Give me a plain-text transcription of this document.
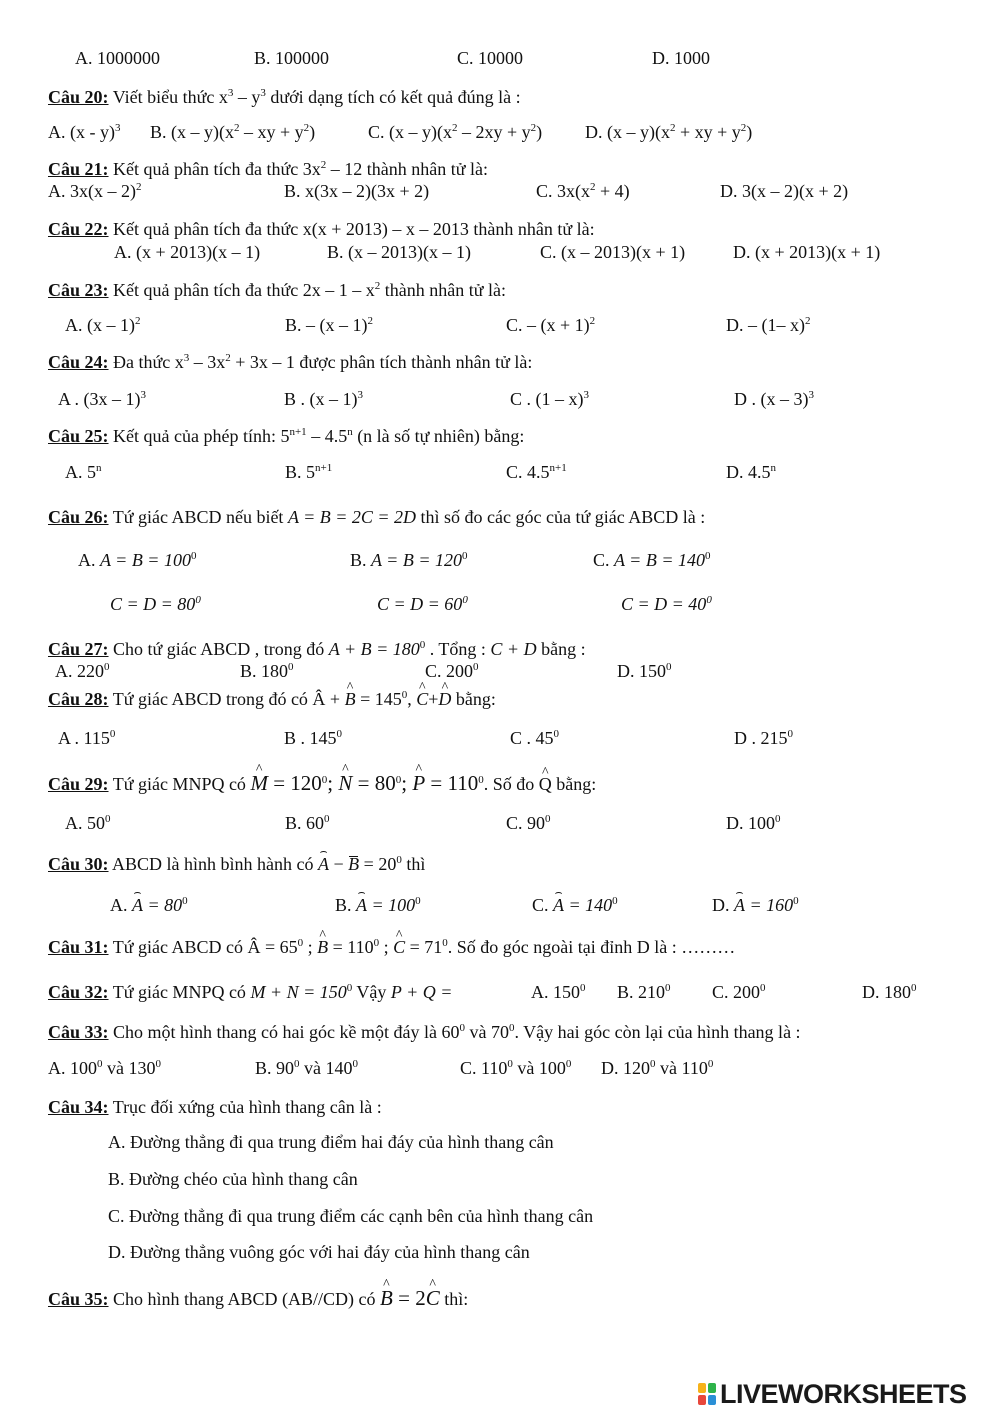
A. 1000000	B. 100000	C. 10000	D. 1000
Câu 20: Viết biểu thức $x^3 - y^3$ dưới dạng tích có kết quả đúng là :
A. (x - y)$^3$ B. $(x - y)(x^2$ – xy + $y^2$)	C. $(x - y)(x^2 - 2xy + y^2)$ D. $(x - y)(x^2$ + xy + $y^2$)
Câu 21: Kết quả phân tích đa thức $3x^2 - 12$ thành nhân tử là:
A. 3x(x – 2)$^2$	B. x(3x – 2)(3x + 2)	C. $3x(x^2 + 4)$	D. 3(x – 2)(x + 2)
Câu 22: Kết quả phân tích đa thức x(x + 2013) – x – 2013 thành nhân tử là:
A. (x + 2013)(x – 1)	B. (x – 2013)(x – 1)	C. (x – 2013)(x + 1)	D. (x + 2013)(x + 1)
Câu 23: Kết quả phân tích đa thức $2x - 1 - x^2$ thành nhân tử là:
A. (x – 1)$^2$	B. – (x – 1)$^2$	C. – $(x + 1)^2$	D. – (1– x)$^2$
Câu 24: Đa thức $x^3 - 3x^2 + 3x - 1$ được phân tích thành nhân tử là:
A . (3x – 1)$^3$	B . (x – 1)$^3$	C . (1 – x)$^3$	D . (x – 3)$^3$
Câu 25: Kết quả của phép tính: $5^{n+1} - 4.5^n$ (n là số tự nhiên) bằng:
A. 5$^n$	B. $5^{n+1}$	C. $4.5^{n+1}$	D. 4.5$^n$
Câu 26: Tứ giác ABCD nếu biết A = B = 2C = 2D thì số đo các góc của tứ giác ABCD là :
A. $A = B = 100^0$	B. $A = B = 120^0$	C. $A = B = 140^0$
$C = D = 80^0$	$C = D = 60^0$	$C = D = 40^0$
Câu 27: Cho tứ giác ABCD , trong đó $A + B = 180^0$ . Tổng : C + D bằng :
A. $220^0$	B. $180^0$	C. $200^0$	D. $150^0$
Câu 28: Tứ giác ABCD trong đó có Â + ^ $B = 145^0$, ^ C+^ D bằng:
A . $115^0$	B . $145^0$	C . $45^0$	D . $215^0$
Câu 29: Tứ giác MNPQ có ^ $M = 120^0$; ^ $N = 80^0$; ^ $P = 110^0$. Số đo ^ Q bằng:
A. $50^0$	B. $60^0$	C. $90^0$	D. $100^0$
Câu 30: ABCD là hình bình hành có ⌢ $A - B = 20^0$ thì
A. ⌢ $A = 80^0$	B. ⌢ $A = 100^0$	C. ⌢ $A = 140^0$	D. ⌢ $A = 160^0$
Câu 31: Tứ giác ABCD có Â = $65^0$ ; ^ $B = 110^0$ ; ^ $C = 71^0$. Số đo góc ngoài tại đỉnh D là : ………
Câu 32: Tứ giác MNPQ có $M + N = 150^0$ Vậy P + Q =	A. $150^0$ B. $210^0$ C. $200^0$	D. $180^0$
Câu 33: Cho một hình thang có hai góc kề một đáy là $60^0$ và $70^0$. Vậy hai góc còn lại của hình thang là :
A. $100^0$ và $130^0$	B. $90^0$ và $140^0$	C. $110^0$ và $100^0$ D. $120^0$ và $110^0$
Câu 34: Trục đối xứng của hình thang cân là :
A. Đường thẳng đi qua trung điểm hai đáy của hình thang cân
B. Đường chéo của hình thang cân
C. Đường thẳng đi qua trung điểm các cạnh bên của hình thang cân
D. Đường thẳng vuông góc với hai đáy của hình thang cân
Câu 35: Cho hình thang ABCD (AB//CD) có ^ B = 2^ C thì:
LIVEWORKSHEETS
